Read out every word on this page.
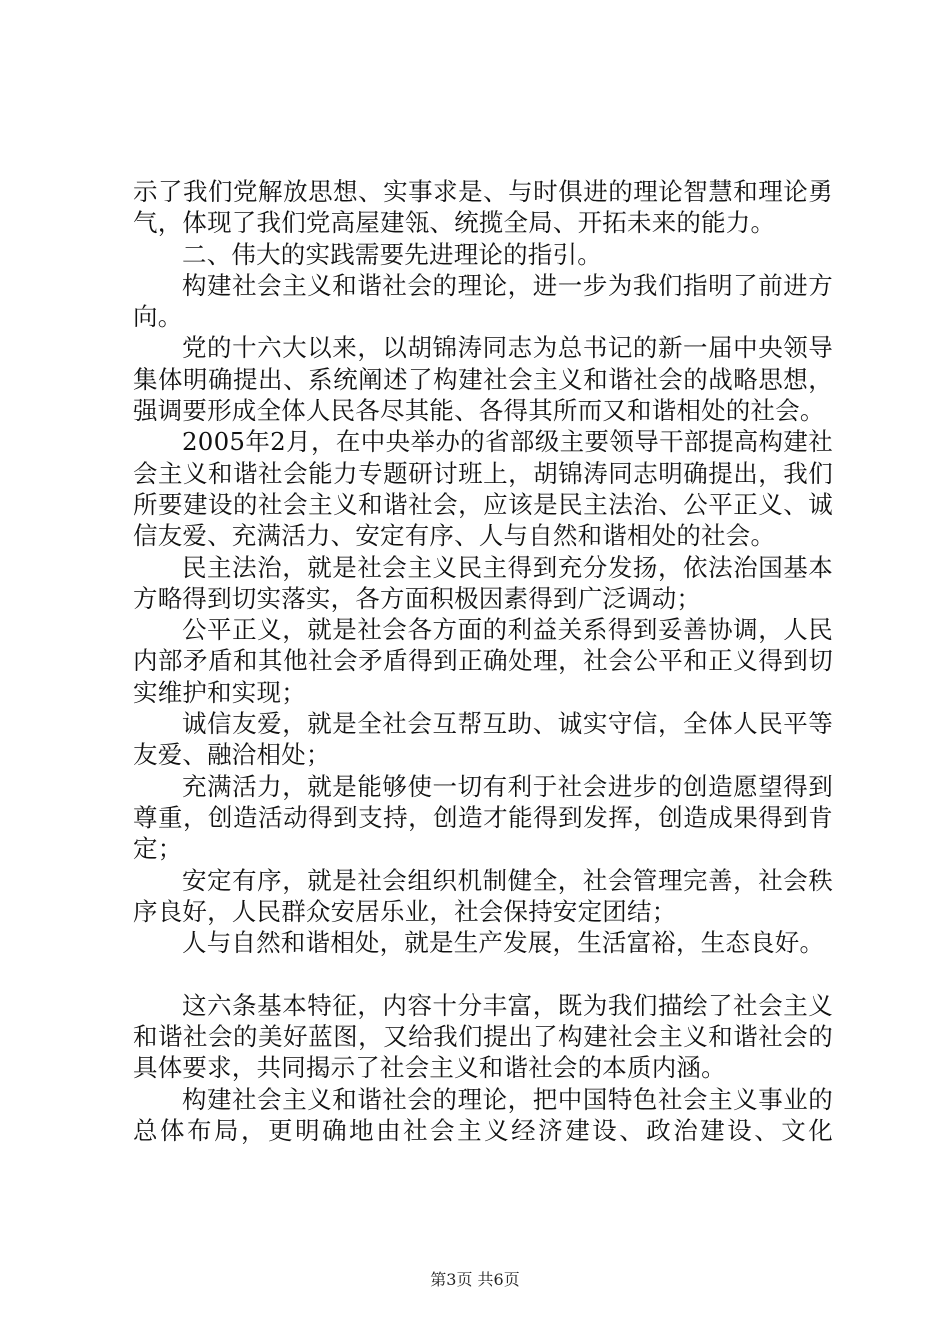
示了我们党解放思想、实事求是、与时俱进的理论智慧和理论勇气，体现了我们党高屋建瓴、统揽全局、开拓未来的能力。

二、伟大的实践需要先进理论的指引。

构建社会主义和谐社会的理论，进一步为我们指明了前进方向。

党的十六大以来，以胡锦涛同志为总书记的新一届中央领导集体明确提出、系统阐述了构建社会主义和谐社会的战略思想，强调要形成全体人民各尽其能、各得其所而又和谐相处的社会。

2005年2月，在中央举办的省部级主要领导干部提高构建社会主义和谐社会能力专题研讨班上，胡锦涛同志明确提出，我们所要建设的社会主义和谐社会，应该是民主法治、公平正义、诚信友爱、充满活力、安定有序、人与自然和谐相处的社会。

民主法治，就是社会主义民主得到充分发扬，依法治国基本方略得到切实落实，各方面积极因素得到广泛调动；

公平正义，就是社会各方面的利益关系得到妥善协调，人民内部矛盾和其他社会矛盾得到正确处理，社会公平和正义得到切实维护和实现；

诚信友爱，就是全社会互帮互助、诚实守信，全体人民平等友爱、融洽相处；

充满活力，就是能够使一切有利于社会进步的创造愿望得到尊重，创造活动得到支持，创造才能得到发挥，创造成果得到肯定；

安定有序，就是社会组织机制健全，社会管理完善，社会秩序良好，人民群众安居乐业，社会保持安定团结；

人与自然和谐相处，就是生产发展，生活富裕，生态良好。

这六条基本特征，内容十分丰富，既为我们描绘了社会主义和谐社会的美好蓝图，又给我们提出了构建社会主义和谐社会的具体要求，共同揭示了社会主义和谐社会的本质内涵。

构建社会主义和谐社会的理论，把中国特色社会主义事业的总体布局，更明确地由社会主义经济建设、政治建设、文化

第3页 共6页
